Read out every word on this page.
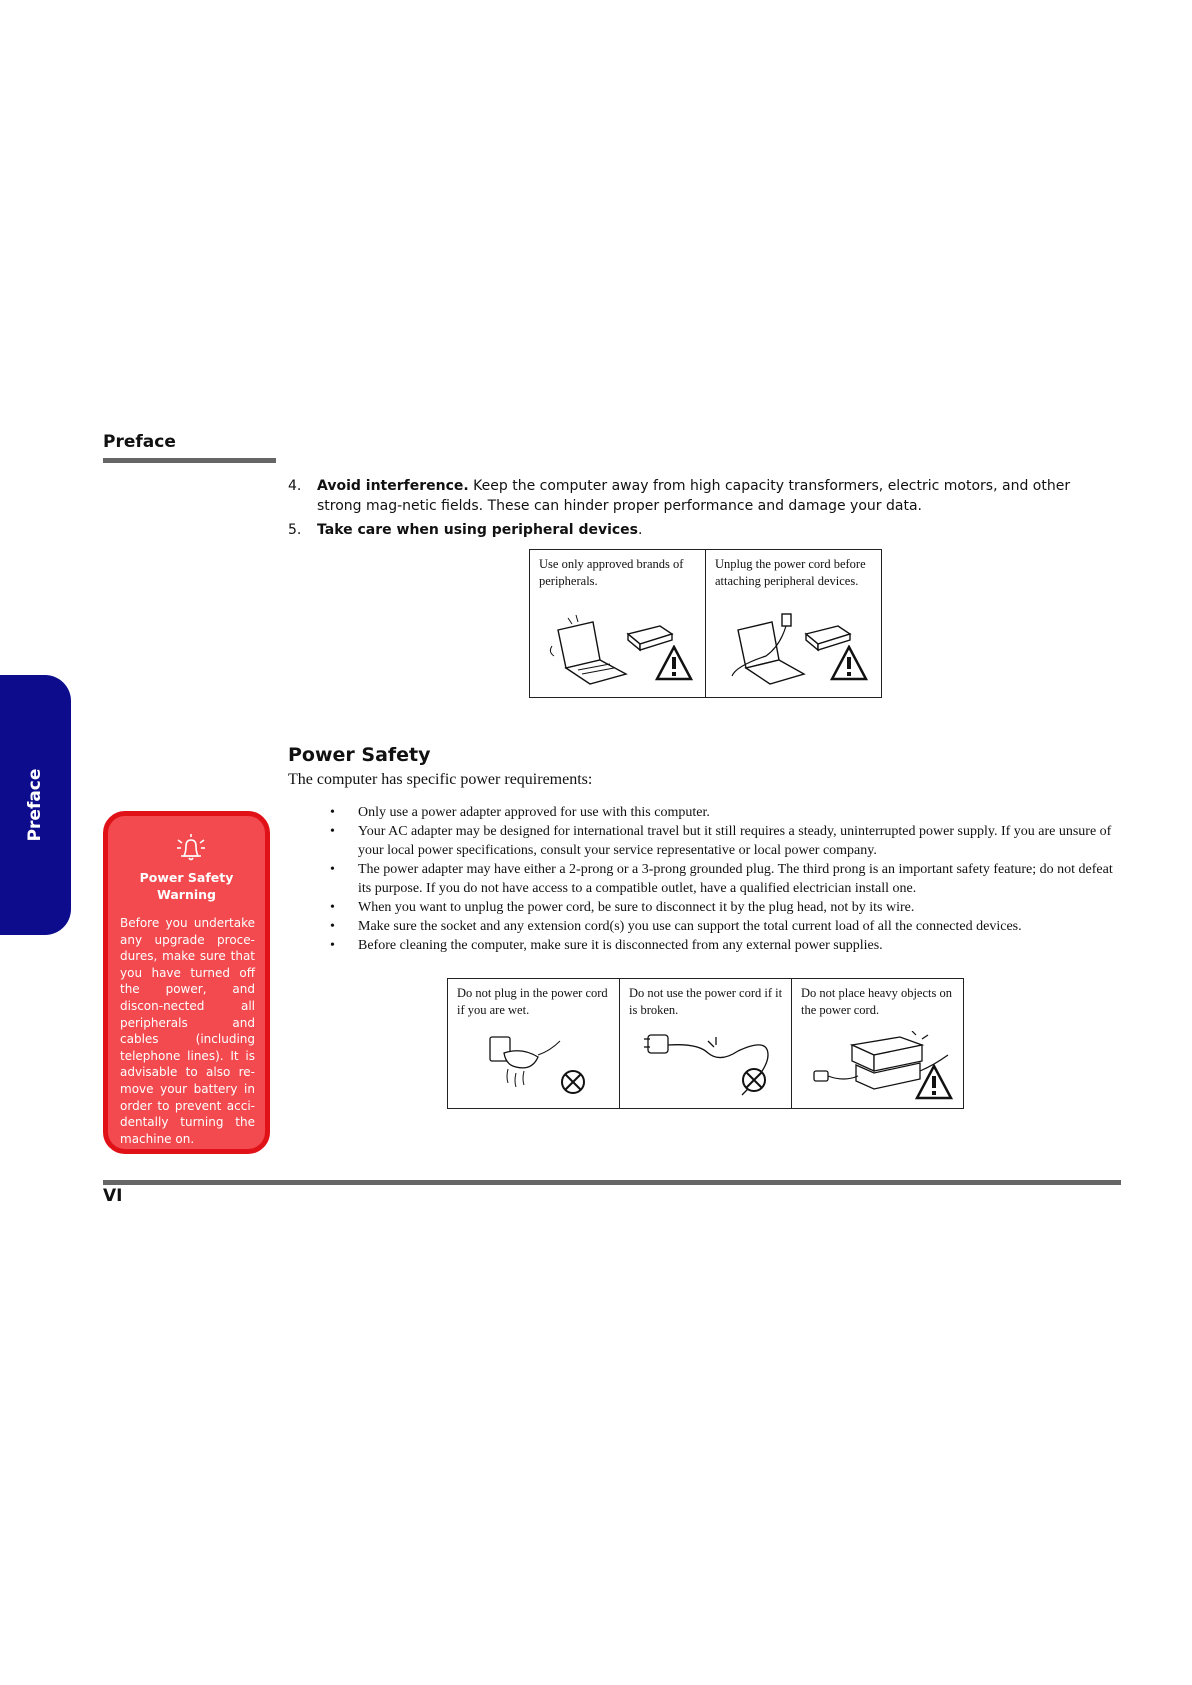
Preface
Preface
4. Avoid interference. Keep the computer away from high capacity transformers, electric motors, and other strong mag-netic fields. These can hinder proper performance and damage your data.
5. Take care when using peripheral devices.
Use only approved brands of peripherals.
Unplug the power cord before attaching peripheral devices.
Power Safety
The computer has specific power requirements:
• Only use a power adapter approved for use with this computer.
• Your AC adapter may be designed for international travel but it still requires a steady, uninterrupted power supply. If you are unsure of your local power specifications, consult your service representative or local power company.
• The power adapter may have either a 2-prong or a 3-prong grounded plug. The third prong is an important safety feature; do not defeat its purpose. If you do not have access to a compatible outlet, have a qualified electrician install one.
• When you want to unplug the power cord, be sure to disconnect it by the plug head, not by its wire.
• Make sure the socket and any extension cord(s) you use can support the total current load of all the connected devices.
• Before cleaning the computer, make sure it is disconnected from any external power supplies.
Do not plug in the power cord if you are wet.
Do not use the power cord if it is broken.
Do not place heavy objects on the power cord.
Power Safety
Warning
Before you undertake any upgrade proce-dures, make sure that you have turned off the power, and discon-nected all peripherals and cables (including telephone lines). It is advisable to also re-move your battery in order to prevent acci-dentally turning the machine on.
VI
